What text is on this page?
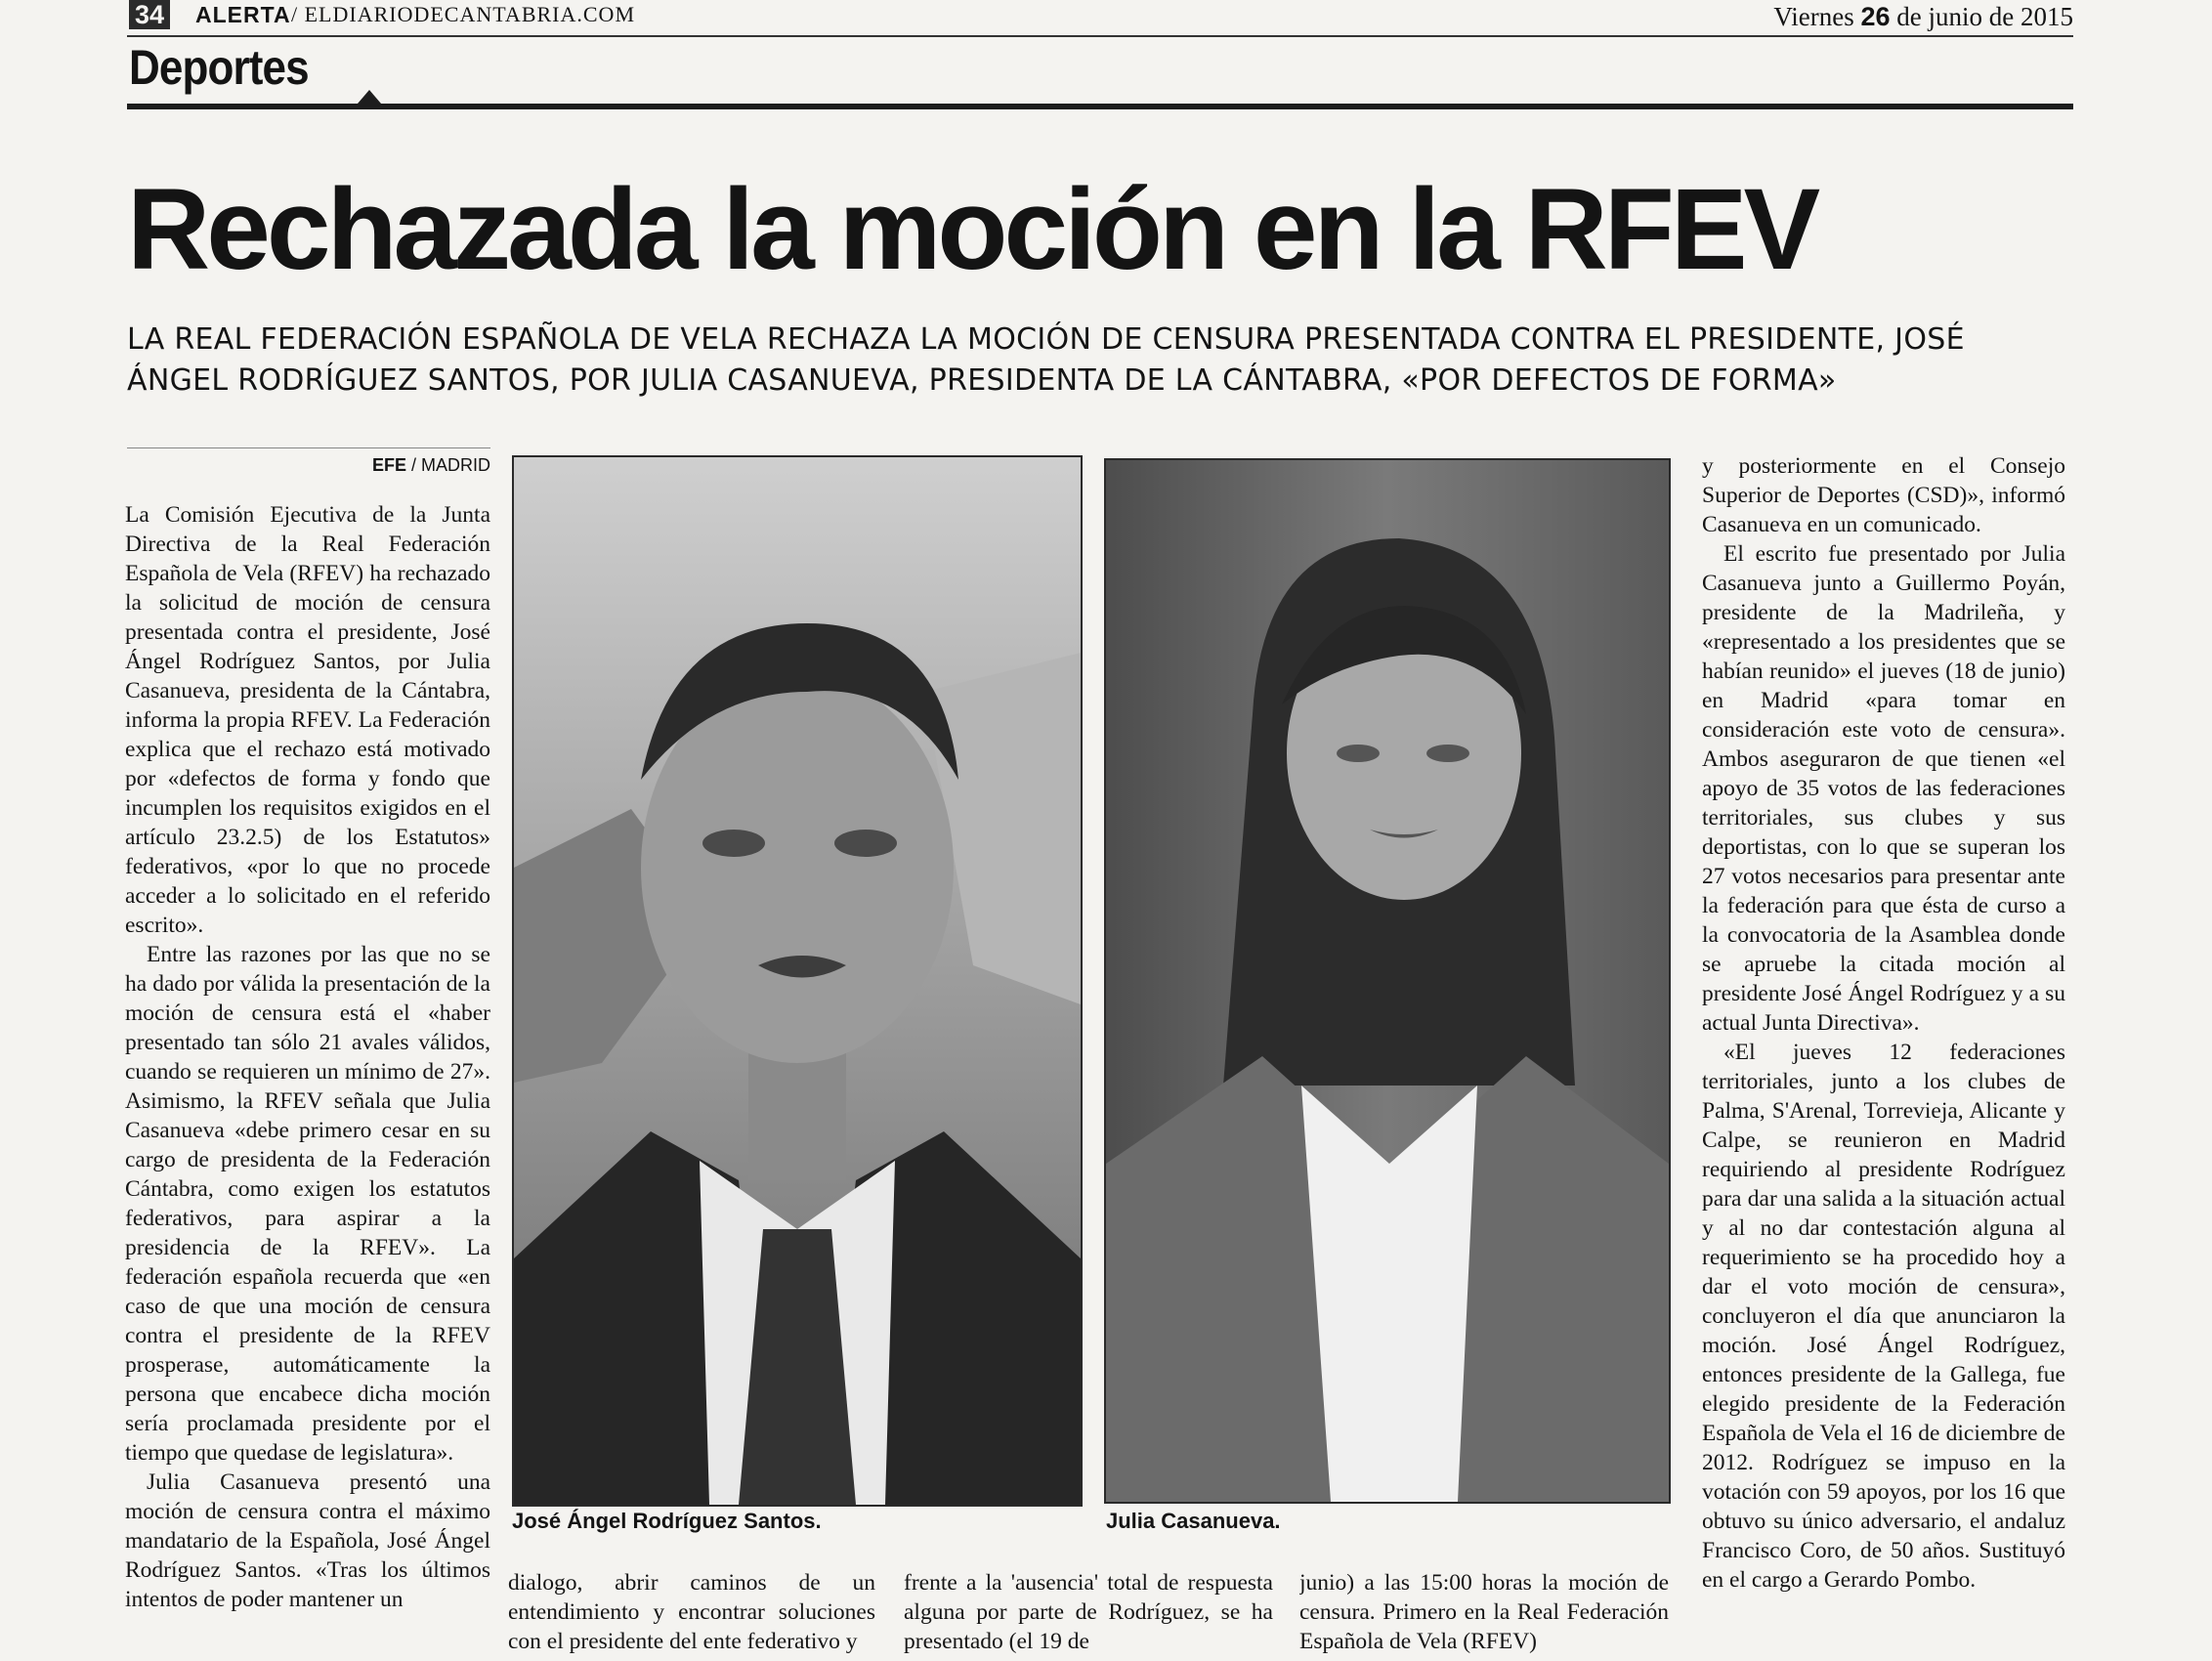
34 ALERTA / ELDIARIODECANTABRIA.COM	Viernes 26 de junio de 2015
Deportes
Rechazada la moción en la RFEV
LA REAL FEDERACIÓN ESPAÑOLA DE VELA RECHAZA LA MOCIÓN DE CENSURA PRESENTADA CONTRA EL PRESIDENTE, JOSÉ ÁNGEL RODRÍGUEZ SANTOS, POR JULIA CASANUEVA, PRESIDENTA DE LA CÁNTABRA, «POR DEFECTOS DE FORMA»
EFE / MADRID

La Comisión Ejecutiva de la Junta Directiva de la Real Federación Española de Vela (RFEV) ha rechazado la solicitud de moción de censura presentada contra el presidente, José Ángel Rodríguez Santos, por Julia Casanueva, presidenta de la Cántabra, informa la propia RFEV. La Federación explica que el rechazo está motivado por «defectos de forma y fondo que incumplen los requisitos exigidos en el artículo 23.2.5) de los Estatutos» federativos, «por lo que no procede acceder a lo solicitado en el referido escrito».

Entre las razones por las que no se ha dado por válida la presentación de la moción de censura está el «haber presentado tan sólo 21 avales válidos, cuando se requieren un mínimo de 27». Asimismo, la RFEV señala que Julia Casanueva «debe primero cesar en su cargo de presidenta de la Federación Cántabra, como exigen los estatutos federativos, para aspirar a la presidencia de la RFEV». La federación española recuerda que «en caso de que una moción de censura contra el presidente de la RFEV prosperase, automáticamente la persona que encabece dicha moción sería proclamada presidente por el tiempo que quedase de legislatura».

Julia Casanueva presentó una moción de censura contra el máximo mandatario de la Española, José Ángel Rodríguez Santos. «Tras los últimos intentos de poder mantener un

José Ángel Rodríguez Santos.	Julia Casanueva.

dialogo, abrir caminos de un entendimiento y encontrar soluciones con el presidente del ente federativo y

frente a la 'ausencia' total de respuesta alguna por parte de Rodríguez, se ha presentado (el 19 de

junio) a las 15:00 horas la moción de censura. Primero en la Real Federación Española de Vela (RFEV)

y posteriormente en el Consejo Superior de Deportes (CSD)», informó Casanueva en un comunicado.

El escrito fue presentado por Julia Casanueva junto a Guillermo Poyán, presidente de la Madrileña, y «representado a los presidentes que se habían reunido» el jueves (18 de junio) en Madrid «para tomar en consideración este voto de censura». Ambos aseguraron de que tienen «el apoyo de 35 votos de las federaciones territoriales, sus clubes y sus deportistas, con lo que se superan los 27 votos necesarios para presentar ante la federación para que ésta de curso a la convocatoria de la Asamblea donde se apruebe la citada moción al presidente José Ángel Rodríguez y a su actual Junta Directiva».

«El jueves 12 federaciones territoriales, junto a los clubes de Palma, S'Arenal, Torrevieja, Alicante y Calpe, se reunieron en Madrid requiriendo al presidente Rodríguez para dar una salida a la situación actual y al no dar contestación alguna al requerimiento se ha procedido hoy a dar el voto moción de censura», concluyeron el día que anunciaron la moción. José Ángel Rodríguez, entonces presidente de la Gallega, fue elegido presidente de la Federación Española de Vela el 16 de diciembre de 2012. Rodríguez se impuso en la votación con 59 apoyos, por los 16 que obtuvo su único adversario, el andaluz Francisco Coro, de 50 años. Sustituyó en el cargo a Gerardo Pombo.
